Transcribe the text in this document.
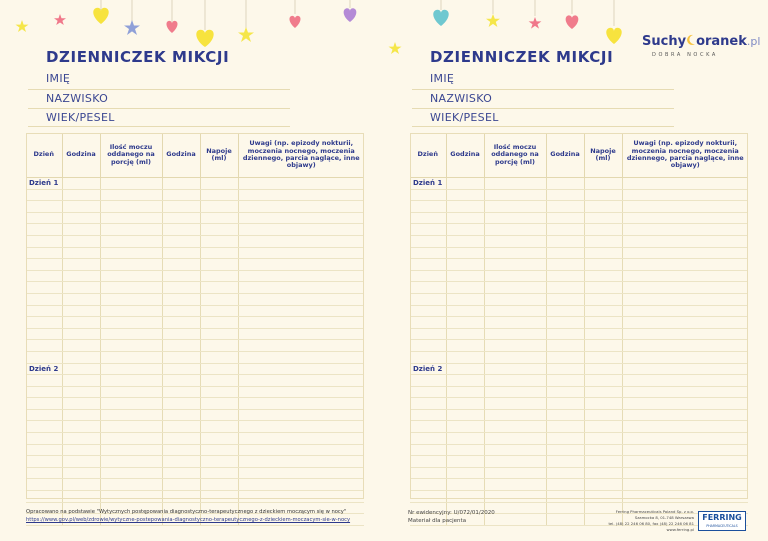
DZIENNICZEK MIKCJI
IMIĘ
NAZWISKO
WIEK/PESEL
Dzień	Godzina	Ilość moczu oddanego na porcję (ml)	Godzina	Napoje (ml)	Uwagi (np. epizody nokturii, moczenia nocnego, moczenia dziennego, parcia naglące, inne objawy)
Dzień 1					

Dzień 2					

Opracowano na podstawie "Wytycznych postępowania diagnostyczno-terapeutycznego z dzieckiem moczącym się w nocy"
https://www.gov.pl/web/zdrowie/wytyczne-postepowania-diagnostyczno-terapeutycznego-z-dzieckiem-moczacym-sie-w-nocy
Suchy oranek.pl
DOBRA NOCKA
DZIENNICZEK MIKCJI
IMIĘ
NAZWISKO
WIEK/PESEL
Dzień	Godzina	Ilość moczu oddanego na porcję (ml)	Godzina	Napoje (ml)	Uwagi (np. epizody nokturii, moczenia nocnego, moczenia dziennego, parcia naglące, inne objawy)
Dzień 1					

Dzień 2					

Nr ewidencyjny: U/072/01/2020
Materiał dla pacjenta
Ferring Pharmaceuticals Poland Sp. z o.o.
Szamocka 8, 01-748 Warszawa
tel. (48) 22 246 06 80, fax (48) 22 246 06 81
www.ferring.pl
FERRING
PHARMACEUTICALS
